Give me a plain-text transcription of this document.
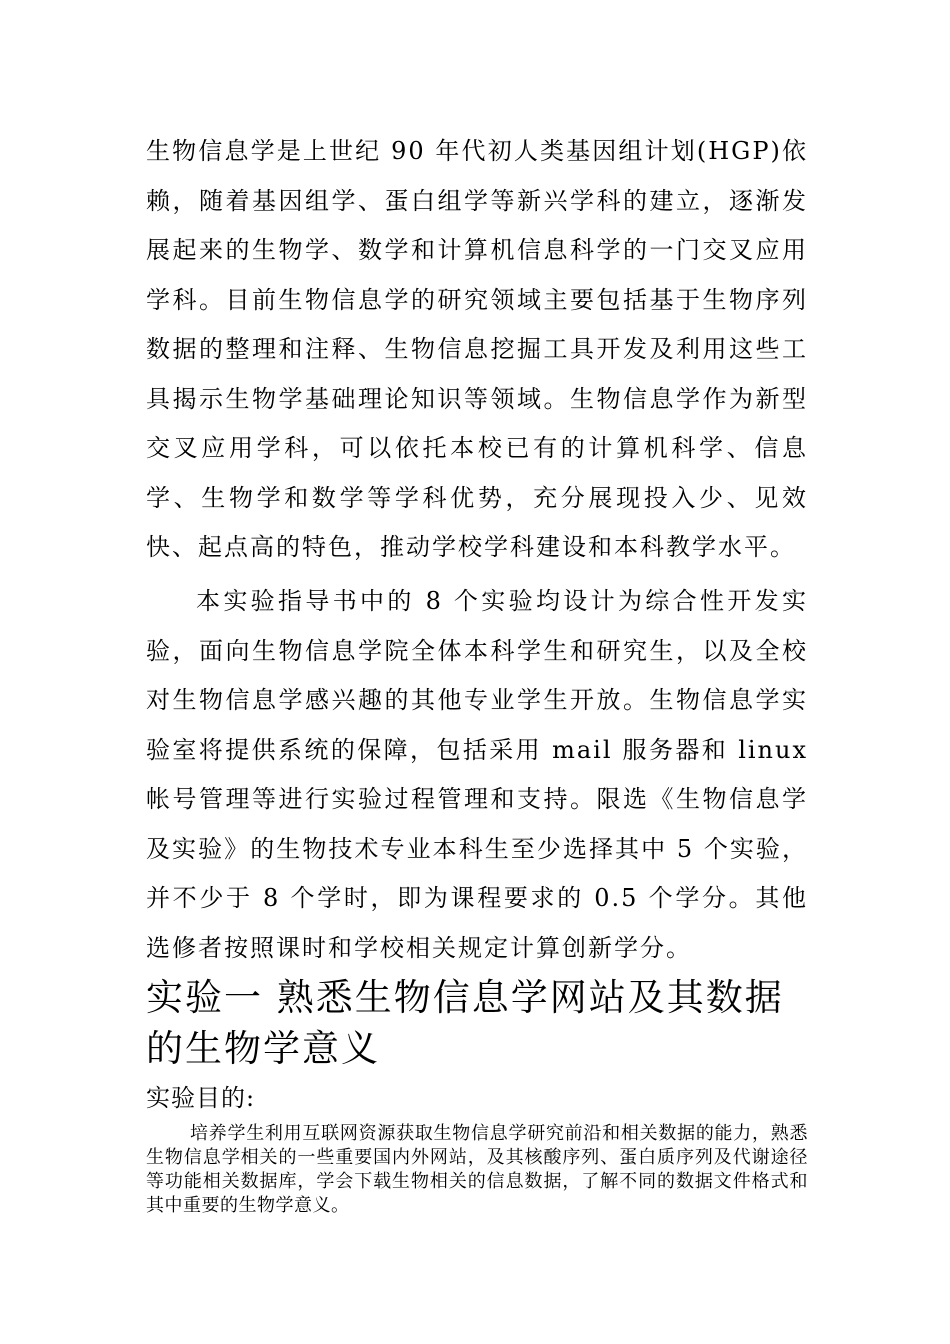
生物信息学是上世纪 90 年代初人类基因组计划(HGP)依赖，随着基因组学、蛋白组学等新兴学科的建立，逐渐发展起来的生物学、数学和计算机信息科学的一门交叉应用学科。目前生物信息学的研究领域主要包括基于生物序列数据的整理和注释、生物信息挖掘工具开发及利用这些工具揭示生物学基础理论知识等领域。生物信息学作为新型交叉应用学科，可以依托本校已有的计算机科学、信息学、生物学和数学等学科优势，充分展现投入少、见效快、起点高的特色，推动学校学科建设和本科教学水平。

本实验指导书中的 8 个实验均设计为综合性开发实验，面向生物信息学院全体本科学生和研究生，以及全校对生物信息学感兴趣的其他专业学生开放。生物信息学实验室将提供系统的保障，包括采用 mail 服务器和 linux 帐号管理等进行实验过程管理和支持。限选《生物信息学及实验》的生物技术专业本科生至少选择其中 5 个实验，并不少于 8 个学时，即为课程要求的 0.5 个学分。其他选修者按照课时和学校相关规定计算创新学分。

实验一 熟悉生物信息学网站及其数据的生物学意义

实验目的:

培养学生利用互联网资源获取生物信息学研究前沿和相关数据的能力，熟悉生物信息学相关的一些重要国内外网站，及其核酸序列、蛋白质序列及代谢途径等功能相关数据库，学会下载生物相关的信息数据，了解不同的数据文件格式和其中重要的生物学意义。
